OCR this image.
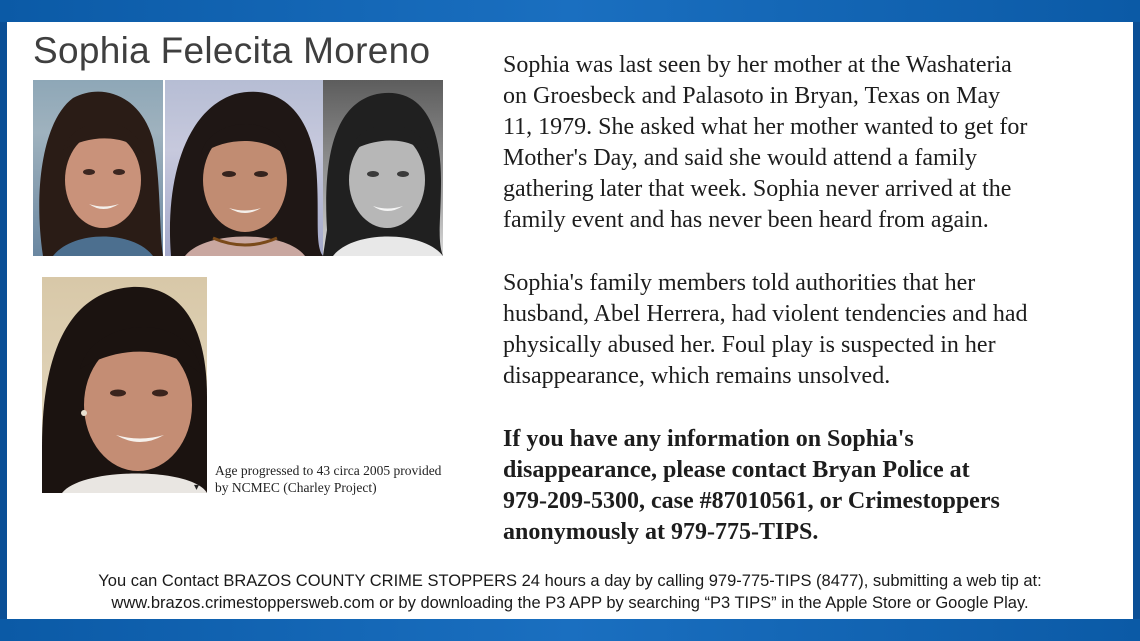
Sophia Felecita Moreno
▾
Age progressed to 43 circa 2005 provided
by NCMEC (Charley Project)
Sophia was last seen by her mother at the Washateria
on Groesbeck and Palasoto in Bryan, Texas on May
11, 1979. She asked what her mother wanted to get for
Mother's Day, and said she would attend a family
gathering later that week. Sophia never arrived at the
family event and has never been heard from again.
Sophia's family members told authorities that her
husband, Abel Herrera, had violent tendencies and had
physically abused her. Foul play is suspected in her
disappearance, which remains unsolved.
If you have any information on Sophia's
disappearance, please contact Bryan Police at
979-209-5300, case #87010561, or Crimestoppers
anonymously at 979-775-TIPS.
You can Contact BRAZOS COUNTY CRIME STOPPERS 24 hours a day by calling 979-775-TIPS (8477), submitting a web tip at:
www.brazos.crimestoppersweb.com or by downloading the P3 APP by searching “P3 TIPS” in the Apple Store or Google Play.
